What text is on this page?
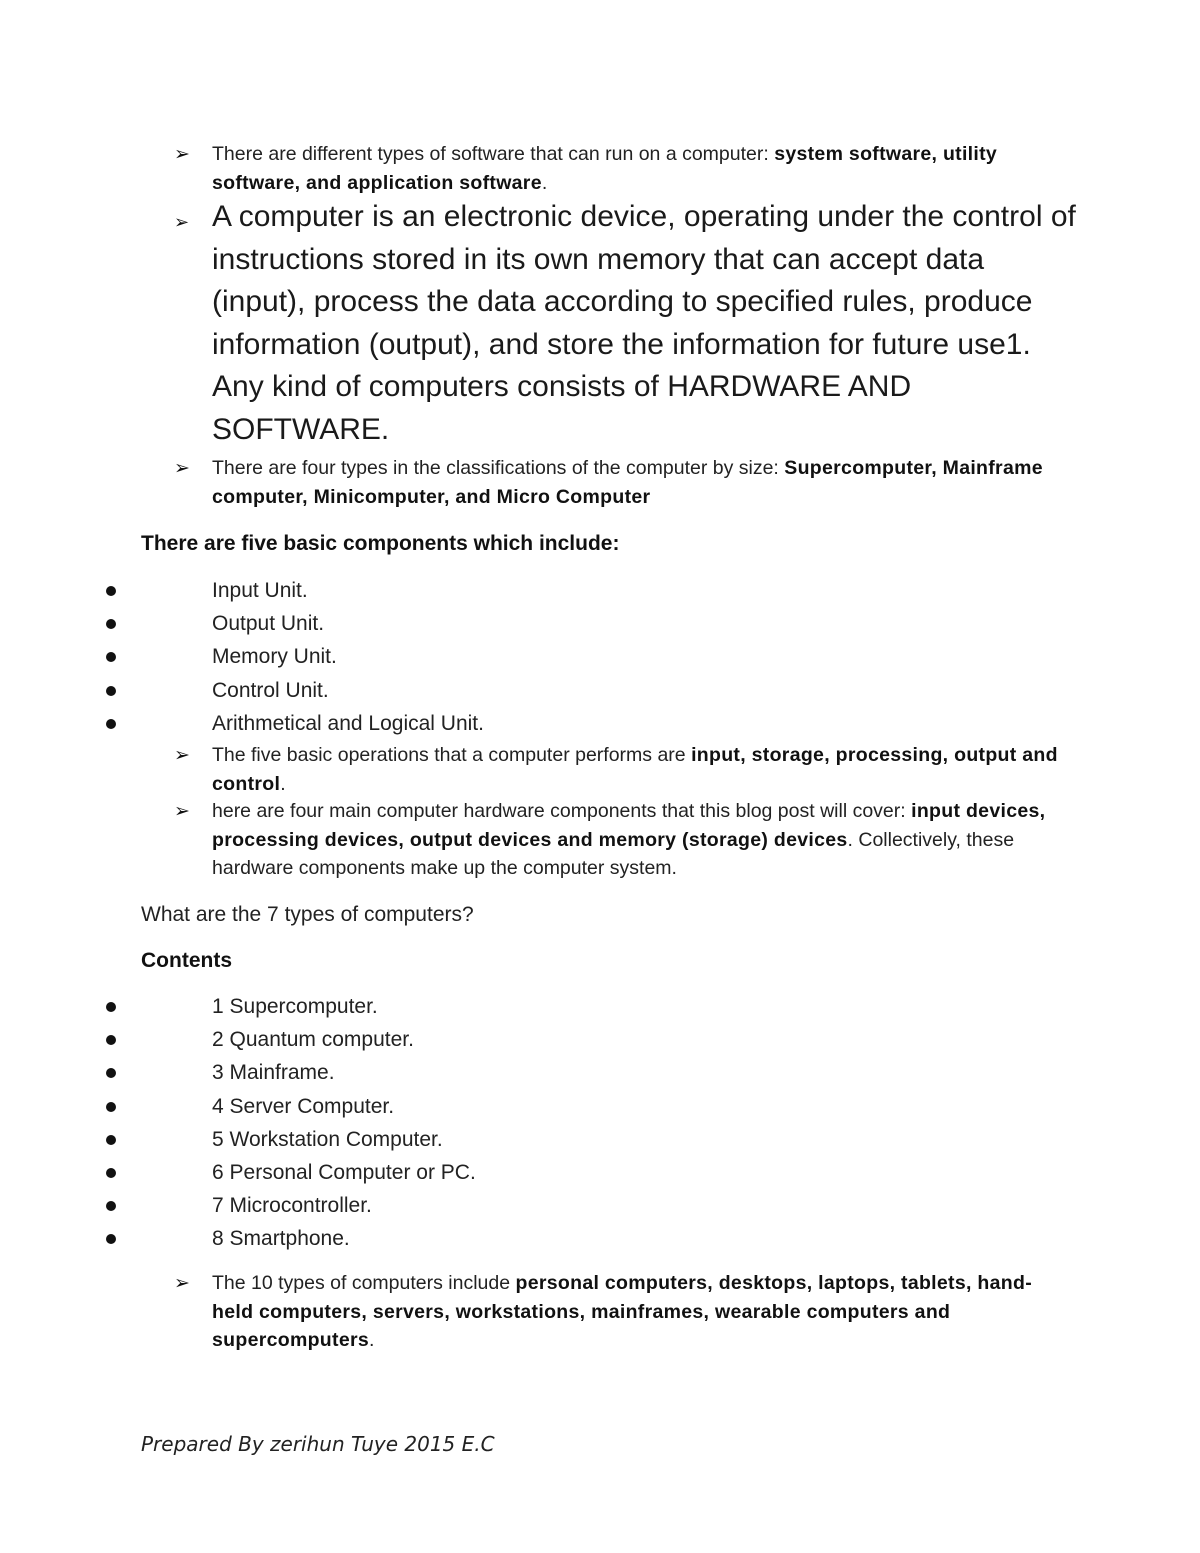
➢ There are different types of software that can run on a computer: system software, utility software, and application software.
➢ A computer is an electronic device, operating under the control of instructions stored in its own memory that can accept data (input), process the data according to specified rules, produce information (output), and store the information for future use1. Any kind of computers consists of HARDWARE AND SOFTWARE.
➢ There are four types in the classifications of the computer by size: Supercomputer, Mainframe computer, Minicomputer, and Micro Computer
There are five basic components which include:
Input Unit.
Output Unit.
Memory Unit.
Control Unit.
Arithmetical and Logical Unit.
➢ The five basic operations that a computer performs are input, storage, processing, output and control.
➢ here are four main computer hardware components that this blog post will cover: input devices, processing devices, output devices and memory (storage) devices. Collectively, these hardware components make up the computer system.
What are the 7 types of computers?
Contents
1 Supercomputer.
2 Quantum computer.
3 Mainframe.
4 Server Computer.
5 Workstation Computer.
6 Personal Computer or PC.
7 Microcontroller.
8 Smartphone.
➢ The 10 types of computers include personal computers, desktops, laptops, tablets, hand-held computers, servers, workstations, mainframes, wearable computers and supercomputers.
Prepared By zerihun Tuye 2015 E.C
